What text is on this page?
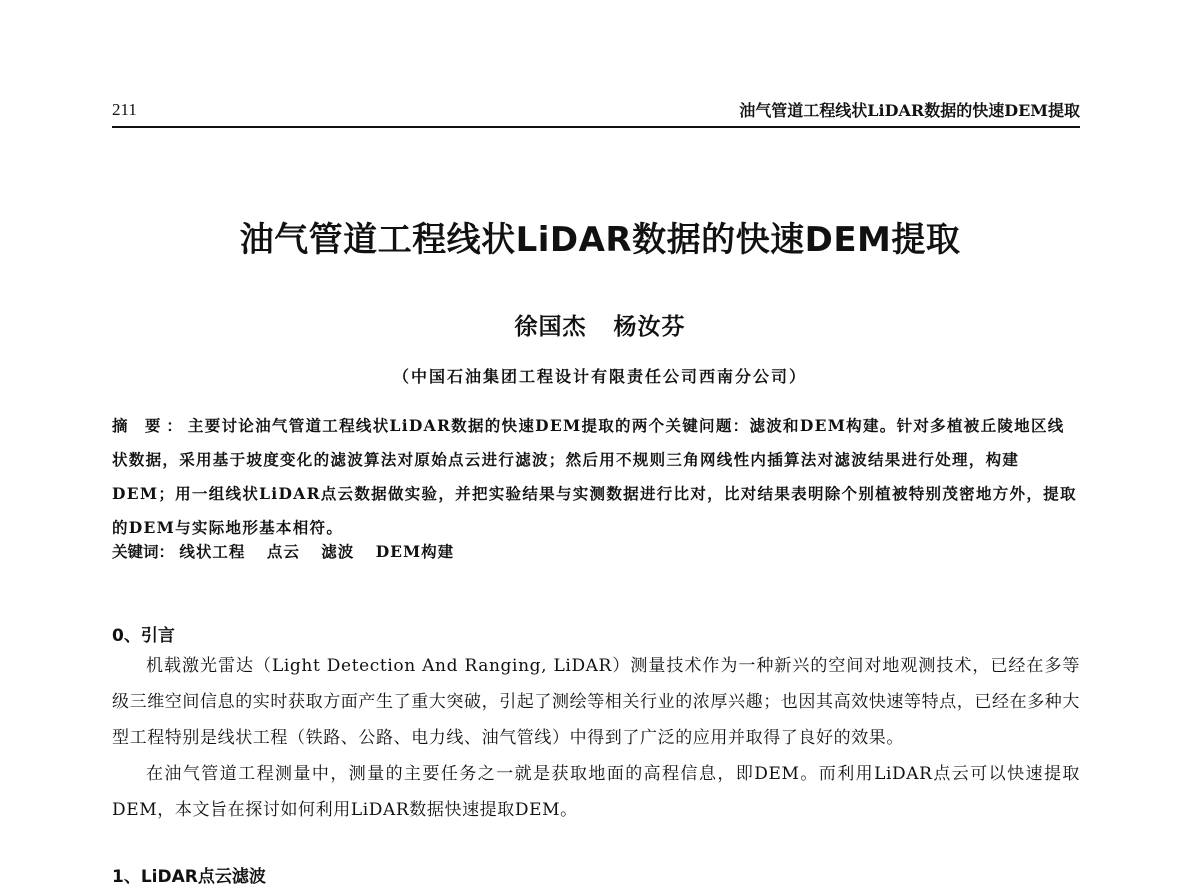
211	油气管道工程线状LiDAR数据的快速DEM提取
油气管道工程线状LiDAR数据的快速DEM提取
徐国杰   杨汝芬
（中国石油集团工程设计有限责任公司西南分公司）
摘 要：主要讨论油气管道工程线状LiDAR数据的快速DEM提取的两个关键问题：滤波和DEM构建。针对多植被丘陵地区线状数据，采用基于坡度变化的滤波算法对原始点云进行滤波；然后用不规则三角网线性内插算法对滤波结果进行处理，构建DEM；用一组线状LiDAR点云数据做实验，并把实验结果与实测数据进行比对，比对结果表明除个别植被特别茂密地方外，提取的DEM与实际地形基本相符。
关键词： 线状工程 点云 滤波 DEM构建
0、引言

机载激光雷达（Light Detection And Ranging, LiDAR）测量技术作为一种新兴的空间对地观测技术，已经在多等级三维空间信息的实时获取方面产生了重大突破，引起了测绘等相关行业的浓厚兴趣；也因其高效快速等特点，已经在多种大型工程特别是线状工程（铁路、公路、电力线、油气管线）中得到了广泛的应用并取得了良好的效果。

在油气管道工程测量中，测量的主要任务之一就是获取地面的高程信息，即DEM。而利用LiDAR点云可以快速提取DEM，本文旨在探讨如何利用LiDAR数据快速提取DEM。

1、LiDAR点云滤波
